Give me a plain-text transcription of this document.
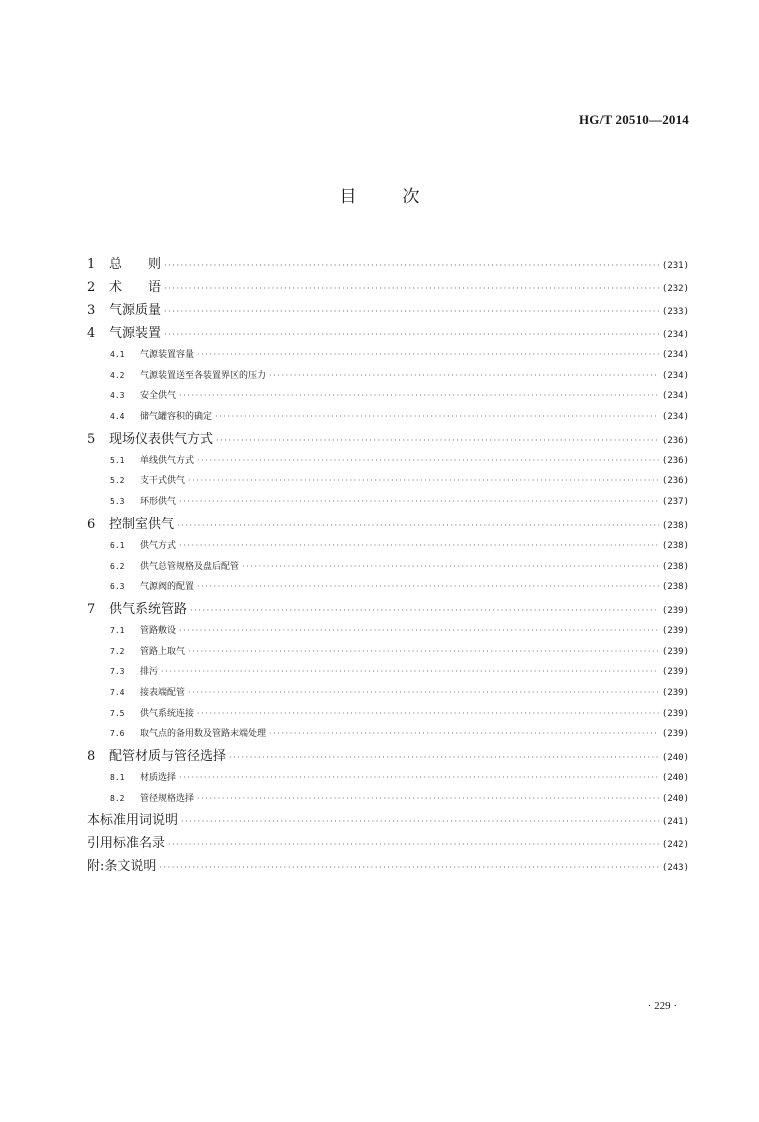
HG/T 20510—2014
目次
1	总　　则 ·····	(231)
2	术　　语 ·····	(232)
3	气源质量 ·····	(233)
4	气源装置 ·····	(234)
4.1	气源装置容量 ·····	(234)
4.2	气源装置送至各装置界区的压力 ·····	(234)
4.3	安全供气 ·····	(234)
4.4	储气罐容积的确定 ·····	(234)
5	现场仪表供气方式 ·····	(236)
5.1	单线供气方式 ·····	(236)
5.2	支干式供气 ·····	(236)
5.3	环形供气 ·····	(237)
6	控制室供气 ·····	(238)
6.1	供气方式 ·····	(238)
6.2	供气总管规格及盘后配管 ·····	(238)
6.3	气源阀的配置 ·····	(238)
7	供气系统管路 ·····	(239)
7.1	管路敷设 ·····	(239)
7.2	管路上取气 ·····	(239)
7.3	排污 ·····	(239)
7.4	接表端配管 ·····	(239)
7.5	供气系统连接 ·····	(239)
7.6	取气点的备用数及管路末端处理 ·····	(239)
8	配管材质与管径选择 ·····	(240)
8.1	材质选择 ·····	(240)
8.2	管径规格选择 ·····	(240)
本标准用词说明 ·····	(241)
引用标准名录 ·····	(242)
附:条文说明 ·····	(243)
· 229 ·
